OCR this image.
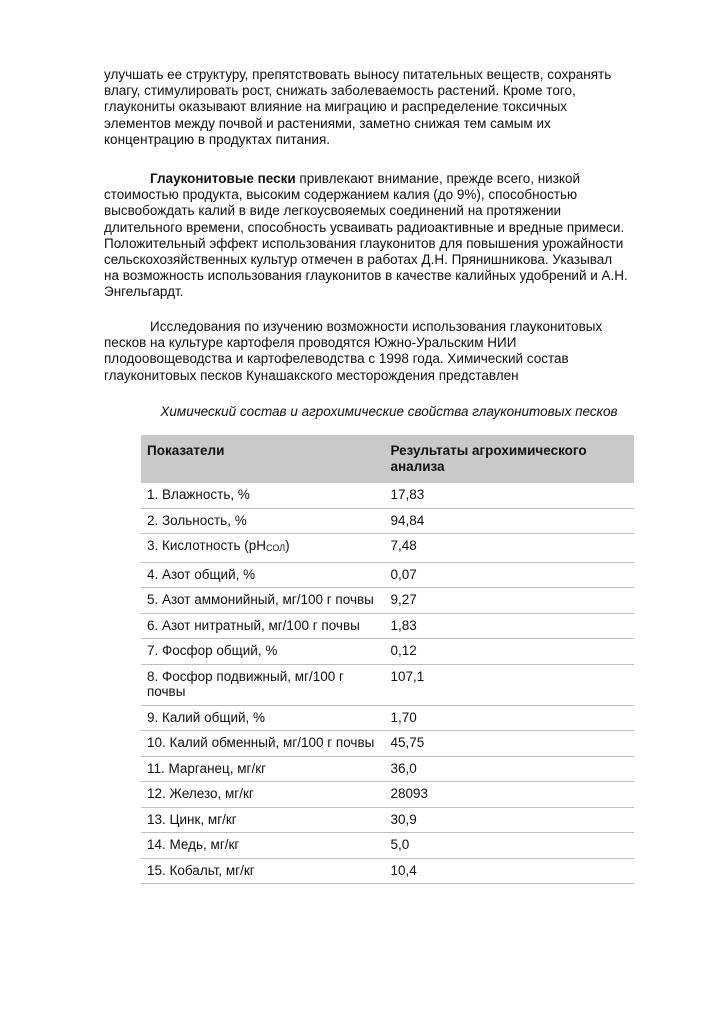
улучшать ее структуру, препятствовать выносу питательных веществ, сохранять

влагу, стимулировать рост, снижать заболеваемость растений. Кроме того,

глаукониты оказывают влияние на миграцию и распределение токсичных

элементов между почвой и растениями, заметно снижая тем самым их

концентрацию в продуктах питания.

Глауконитовые пески привлекают внимание, прежде всего, низкой

стоимостью продукта, высоким содержанием калия (до 9%), способностью

высвобождать калий в виде легкоусвояемых соединений на протяжении

длительного времени, способность усваивать радиоактивные и вредные примеси.

Положительный эффект использования глауконитов для повышения урожайности

сельскохозяйственных культур отмечен в работах Д.Н. Прянишникова. Указывал

на возможность использования глауконитов в качестве калийных удобрений и А.Н.

Энгельгардт.

Исследования по изучению возможности использования глауконитовых

песков на культуре картофеля проводятся Южно-Уральским НИИ

плодоовощеводства и картофелеводства с 1998 года. Химический состав

глауконитовых песков Кунашакского месторождения представлен

Химический состав и агрохимические свойства глауконитовых песков
Показатели	Результаты агрохимического анализа
1. Влажность, %	17,83
2. Зольность, %	94,84
3. Кислотность (pHСОЛ)	7,48
4. Азот общий, %	0,07
5. Азот аммонийный, мг/100 г почвы	9,27
6. Азот нитратный, мг/100 г почвы	1,83
7. Фосфор общий, %	0,12
8. Фосфор подвижный, мг/100 г почвы	107,1
9. Калий общий, %	1,70
10. Калий обменный, мг/100 г почвы	45,75
11. Марганец, мг/кг	36,0
12. Железо, мг/кг	28093
13. Цинк, мг/кг	30,9
14. Медь, мг/кг	5,0
15. Кобальт, мг/кг	10,4
